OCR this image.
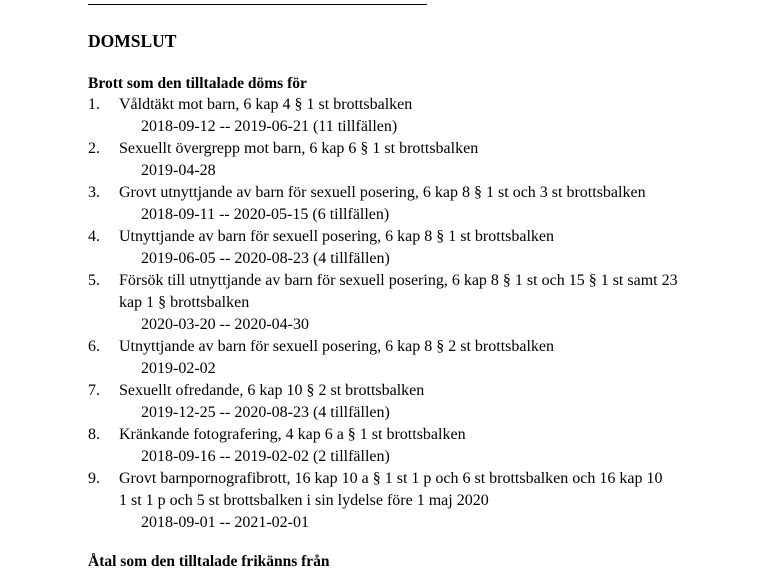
DOMSLUT
Brott som den tilltalade döms för
1. Våldtäkt mot barn, 6 kap 4 § 1 st brottsbalken
2018-09-12 -- 2019-06-21 (11 tillfällen)
2. Sexuellt övergrepp mot barn, 6 kap 6 § 1 st brottsbalken
2019-04-28
3. Grovt utnyttjande av barn för sexuell posering, 6 kap 8 § 1 st och 3 st brottsbalken
2018-09-11 -- 2020-05-15 (6 tillfällen)
4. Utnyttjande av barn för sexuell posering, 6 kap 8 § 1 st brottsbalken
2019-06-05 -- 2020-08-23 (4 tillfällen)
5. Försök till utnyttjande av barn för sexuell posering, 6 kap 8 § 1 st och 15 § 1 st samt 23
kap 1 § brottsbalken
2020-03-20 -- 2020-04-30
6. Utnyttjande av barn för sexuell posering, 6 kap 8 § 2 st brottsbalken
2019-02-02
7. Sexuellt ofredande, 6 kap 10 § 2 st brottsbalken
2019-12-25 -- 2020-08-23 (4 tillfällen)
8. Kränkande fotografering, 4 kap 6 a § 1 st brottsbalken
2018-09-16 -- 2019-02-02 (2 tillfällen)
9. Grovt barnpornografibrott, 16 kap 10 a § 1 st 1 p och 6 st brottsbalken och 16 kap 10
1 st 1 p och 5 st brottsbalken i sin lydelse före 1 maj 2020
2018-09-01 -- 2021-02-01
Åtal som den tilltalade frikänns från
